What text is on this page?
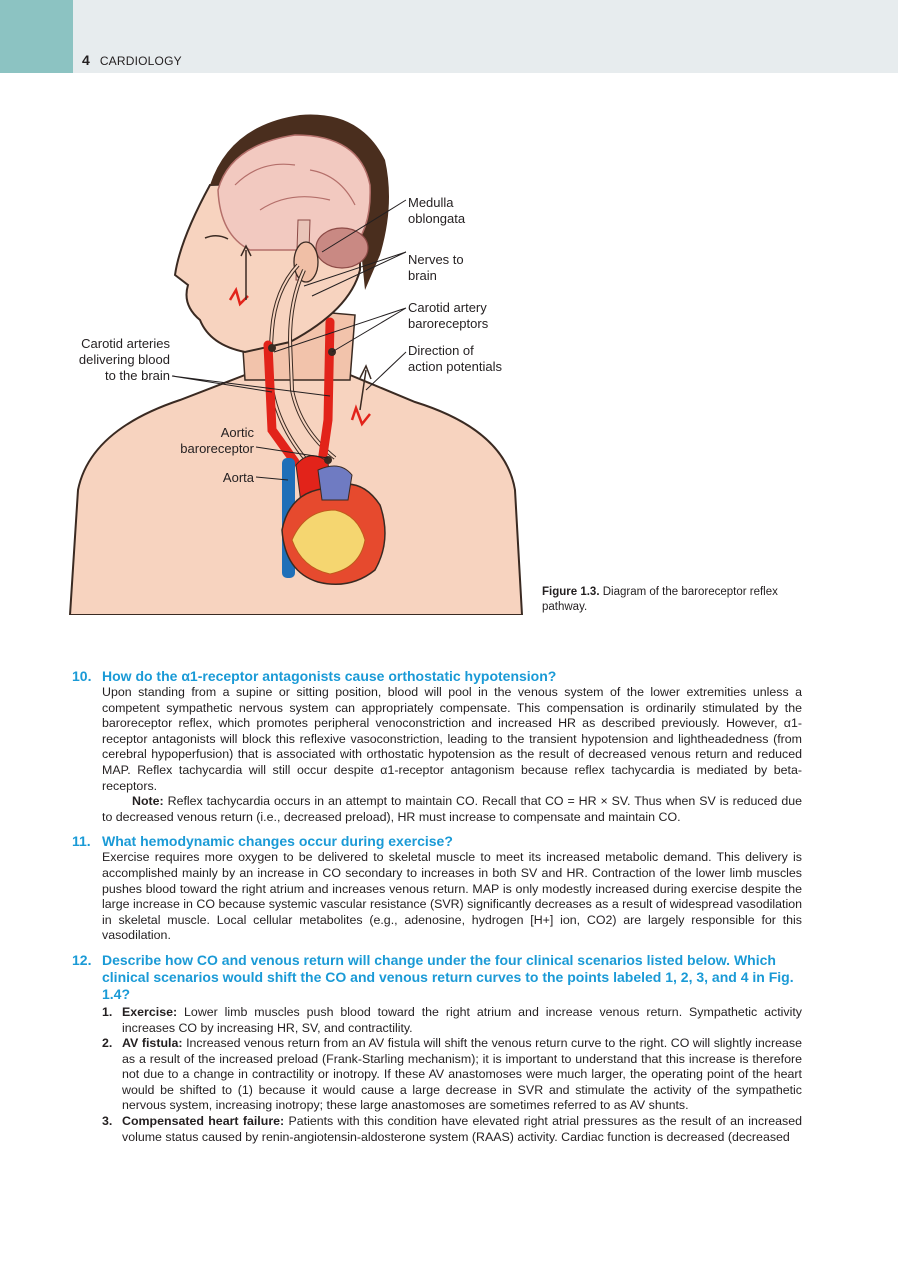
4 CARDIOLOGY
Medulla
oblongata
Nerves to
brain
Carotid artery
baroreceptors
Direction of
action potentials
Carotid arteries
delivering blood
to the brain
Aortic
baroreceptor
Aorta
Figure 1.3. Diagram of the baroreceptor reflex pathway.
10. How do the α1-receptor antagonists cause orthostatic hypotension?

Upon standing from a supine or sitting position, blood will pool in the venous system of the lower extremities unless a competent sympathetic nervous system can appropriately compensate. This compensation is ordinarily stimulated by the baroreceptor reflex, which promotes peripheral venoconstriction and increased HR as described previously. However, α1-receptor antagonists will block this reflexive vasoconstriction, leading to the transient hypotension and lightheadedness (from cerebral hypoperfusion) that is associated with orthostatic hypotension as the result of decreased venous return and reduced MAP. Reflex tachycardia will still occur despite α1-receptor antagonism because reflex tachycardia is mediated by beta-receptors.

Note: Reflex tachycardia occurs in an attempt to maintain CO. Recall that CO = HR × SV. Thus when SV is reduced due to decreased venous return (i.e., decreased preload), HR must increase to compensate and maintain CO.

11. What hemodynamic changes occur during exercise?

Exercise requires more oxygen to be delivered to skeletal muscle to meet its increased metabolic demand. This delivery is accomplished mainly by an increase in CO secondary to increases in both SV and HR. Contraction of the lower limb muscles pushes blood toward the right atrium and increases venous return. MAP is only modestly increased during exercise despite the large increase in CO because systemic vascular resistance (SVR) significantly decreases as a result of widespread vasodilation in skeletal muscle. Local cellular metabolites (e.g., adenosine, hydrogen [H+] ion, CO2) are largely responsible for this vasodilation.

12. Describe how CO and venous return will change under the four clinical scenarios listed below. Which clinical scenarios would shift the CO and venous return curves to the points labeled 1, 2, 3, and 4 in Fig. 1.4?
1. Exercise: Lower limb muscles push blood toward the right atrium and increase venous return. Sympathetic activity increases CO by increasing HR, SV, and contractility.
2. AV fistula: Increased venous return from an AV fistula will shift the venous return curve to the right. CO will slightly increase as a result of the increased preload (Frank-Starling mechanism); it is important to understand that this increase is therefore not due to a change in contractility or inotropy. If these AV anastomoses were much larger, the operating point of the heart would be shifted to (1) because it would cause a large decrease in SVR and stimulate the activity of the sympathetic nervous system, increasing inotropy; these large anastomoses are sometimes referred to as AV shunts.
3. Compensated heart failure: Patients with this condition have elevated right atrial pressures as the result of an increased volume status caused by renin-angiotensin-aldosterone system (RAAS) activity. Cardiac function is decreased (decreased
